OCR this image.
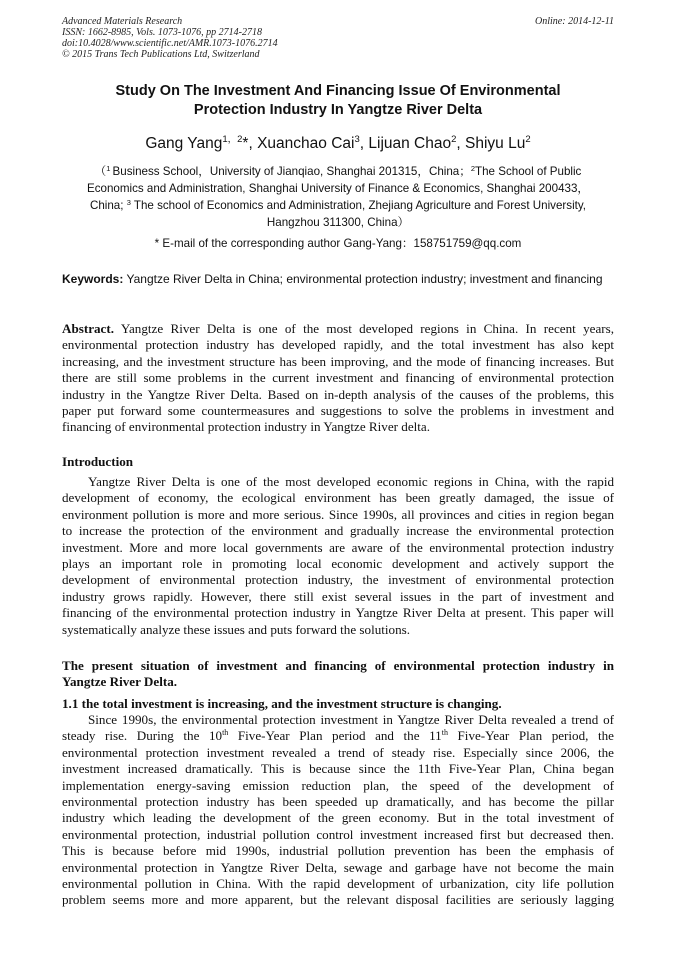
Advanced Materials Research
ISSN: 1662-8985, Vols. 1073-1076, pp 2714-2718
doi:10.4028/www.scientific.net/AMR.1073-1076.2714
© 2015 Trans Tech Publications Ltd, Switzerland
Online: 2014-12-11
Study On The Investment And Financing Issue Of Environmental
Protection Industry In Yangtze River Delta
Gang Yang$^{1,2}$*, Xuanchao Cai$^3$, Lijuan Chao$^2$, Shiyu Lu$^2$
（$^1$ Business School，University of Jianqiao, Shanghai 201315，China；$^2$The School of Public
Economics and Administration, Shanghai University of Finance & Economics, Shanghai 200433，
China; $^3$ The school of Economics and Administration, Zhejiang Agriculture and Forest University,
Hangzhou 311300, China）
* E-mail of the corresponding author Gang-Yang：158751759@qq.com
Keywords: Yangtze River Delta in China; environmental protection industry; investment and financing
Abstract. Yangtze River Delta is one of the most developed regions in China. In recent years,
environmental protection industry has developed rapidly, and the total investment has also kept
increasing, and the investment structure has been improving, and the mode of financing increases. But
there are still some problems in the current investment and financing of environmental protection
industry in the Yangtze River Delta. Based on in-depth analysis of the causes of the problems, this
paper put forward some countermeasures and suggestions to solve the problems in investment and
financing of environmental protection industry in Yangtze River delta.
Introduction
Yangtze River Delta is one of the most developed economic regions in China, with the rapid
development of economy, the ecological environment has been greatly damaged, the issue of
environment pollution is more and more serious. Since 1990s, all provinces and cities in region began
to increase the protection of the environment and gradually increase the environmental protection
investment. More and more local governments are aware of the environmental protection industry
plays an important role in promoting local economic development and actively support the
development of environmental protection industry, the investment of environmental protection
industry grows rapidly. However, there still exist several issues in the part of investment and
financing of the environmental protection industry in Yangtze River Delta at present. This paper will
systematically analyze these issues and puts forward the solutions.
The present situation of investment and financing of environmental protection industry in
Yangtze River Delta.
1.1 the total investment is increasing, and the investment structure is changing.
Since 1990s, the environmental protection investment in Yangtze River Delta revealed a trend of
steady rise. During the 10th Five-Year Plan period and the 11th Five-Year Plan period, the
environmental protection investment revealed a trend of steady rise. Especially since 2006, the
investment increased dramatically. This is because since the 11th Five-Year Plan, China began
implementation energy-saving emission reduction plan, the speed of the development of
environmental protection industry has been speeded up dramatically, and has become the pillar
industry which leading the development of the green economy. But in the total investment of
environmental protection, industrial pollution control investment increased first but decreased then.
This is because before mid 1990s, industrial pollution prevention has been the emphasis of
environmental protection in Yangtze River Delta, sewage and garbage have not become the main
environmental pollution in China. With the rapid development of urbanization, city life pollution
problem seems more and more apparent, but the relevant disposal facilities are seriously lagging
